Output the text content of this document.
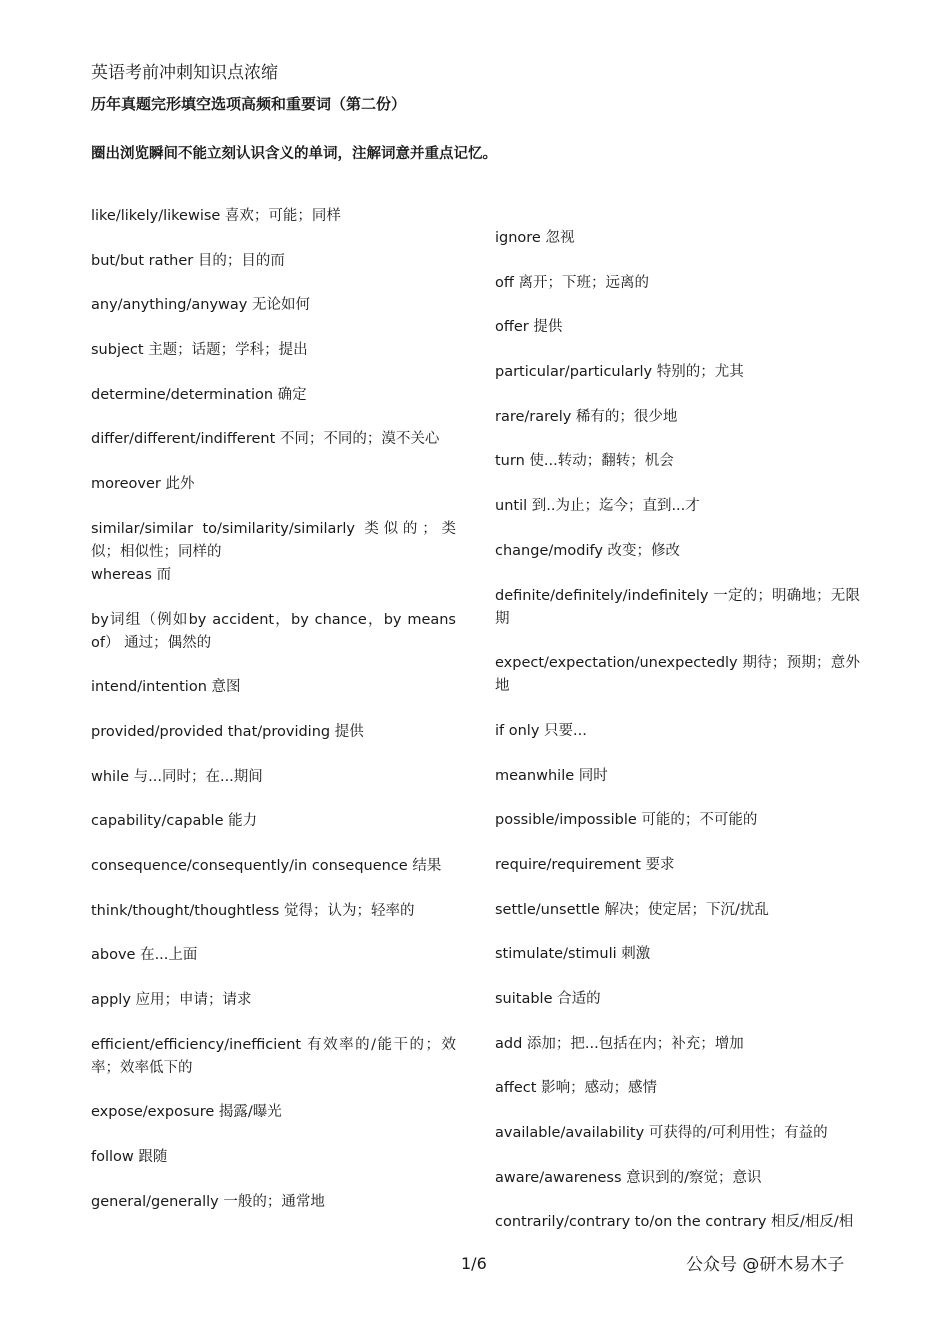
英语考前冲刺知识点浓缩
历年真题完形填空选项高频和重要词（第二份）
圈出浏览瞬间不能立刻认识含义的单词，注解词意并重点记忆。
like/likely/likewise 喜欢；可能；同样
but/but rather 目的；目的而
any/anything/anyway 无论如何
subject 主题；话题；学科；提出
determine/determination 确定
differ/different/indifferent 不同；不同的；漠不关心
moreover 此外
similar/similar to/similarity/similarly 类似的；类似；相似性；同样的
whereas 而
by词组（例如by accident，by chance，by means of） 通过；偶然的
intend/intention 意图
provided/provided that/providing 提供
while 与...同时；在...期间
capability/capable 能力
consequence/consequently/in consequence 结果
think/thought/thoughtless 觉得；认为；轻率的
above 在...上面
apply 应用；申请；请求
efficient/efficiency/inefficient 有效率的/能干的；效率；效率低下的
expose/exposure 揭露/曝光
follow 跟随
general/generally 一般的；通常地
ignore 忽视
off 离开；下班；远离的
offer 提供
particular/particularly 特别的；尤其
rare/rarely 稀有的；很少地
turn 使...转动；翻转；机会
until 到..为止；迄今；直到...才
change/modify 改变；修改
definite/definitely/indefinitely 一定的；明确地；无限期
expect/expectation/unexpectedly 期待；预期；意外地
if only 只要...
meanwhile 同时
possible/impossible 可能的；不可能的
require/requirement 要求
settle/unsettle 解决；使定居；下沉/扰乱
stimulate/stimuli 刺激
suitable 合适的
add 添加；把...包括在内；补充；增加
affect 影响；感动；感情
available/availability 可获得的/可利用性；有益的
aware/awareness 意识到的/察觉；意识
contrarily/contrary to/on the contrary 相反/相反/相
1/6	公众号 @研木易木子
